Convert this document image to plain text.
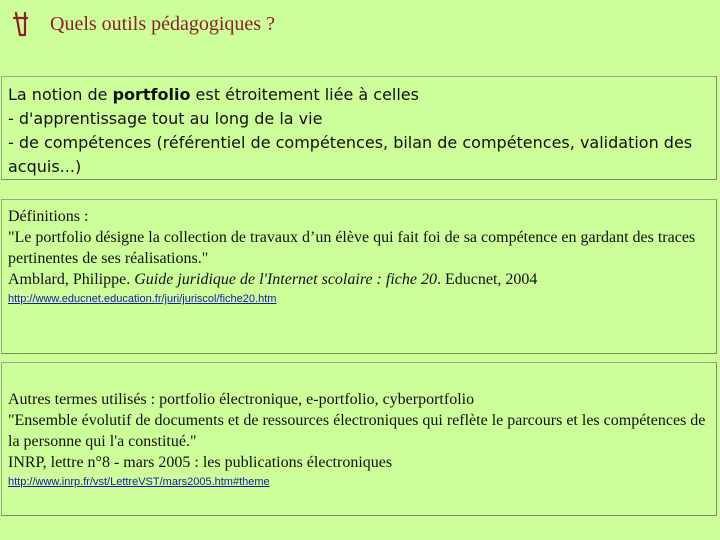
Quels outils pédagogiques ?
La notion de portfolio est étroitement liée à celles
- d'apprentissage tout au long de la vie
- de compétences (référentiel de compétences, bilan de compétences, validation des acquis...)
Définitions :
"Le portfolio désigne la collection de travaux d’un élève qui fait foi de sa compétence en gardant des traces pertinentes de ses réalisations."
Amblard, Philippe. Guide juridique de l'Internet scolaire : fiche 20. Educnet, 2004
http://www.educnet.education.fr/juri/juriscol/fiche20.htm
Autres termes utilisés : portfolio électronique, e-portfolio, cyberportfolio
"Ensemble évolutif de documents et de ressources électroniques qui reflète le parcours et les compétences de la personne qui l'a constitué."
INRP, lettre n°8 - mars 2005 : les publications électroniques
http://www.inrp.fr/vst/LettreVST/mars2005.htm#theme
